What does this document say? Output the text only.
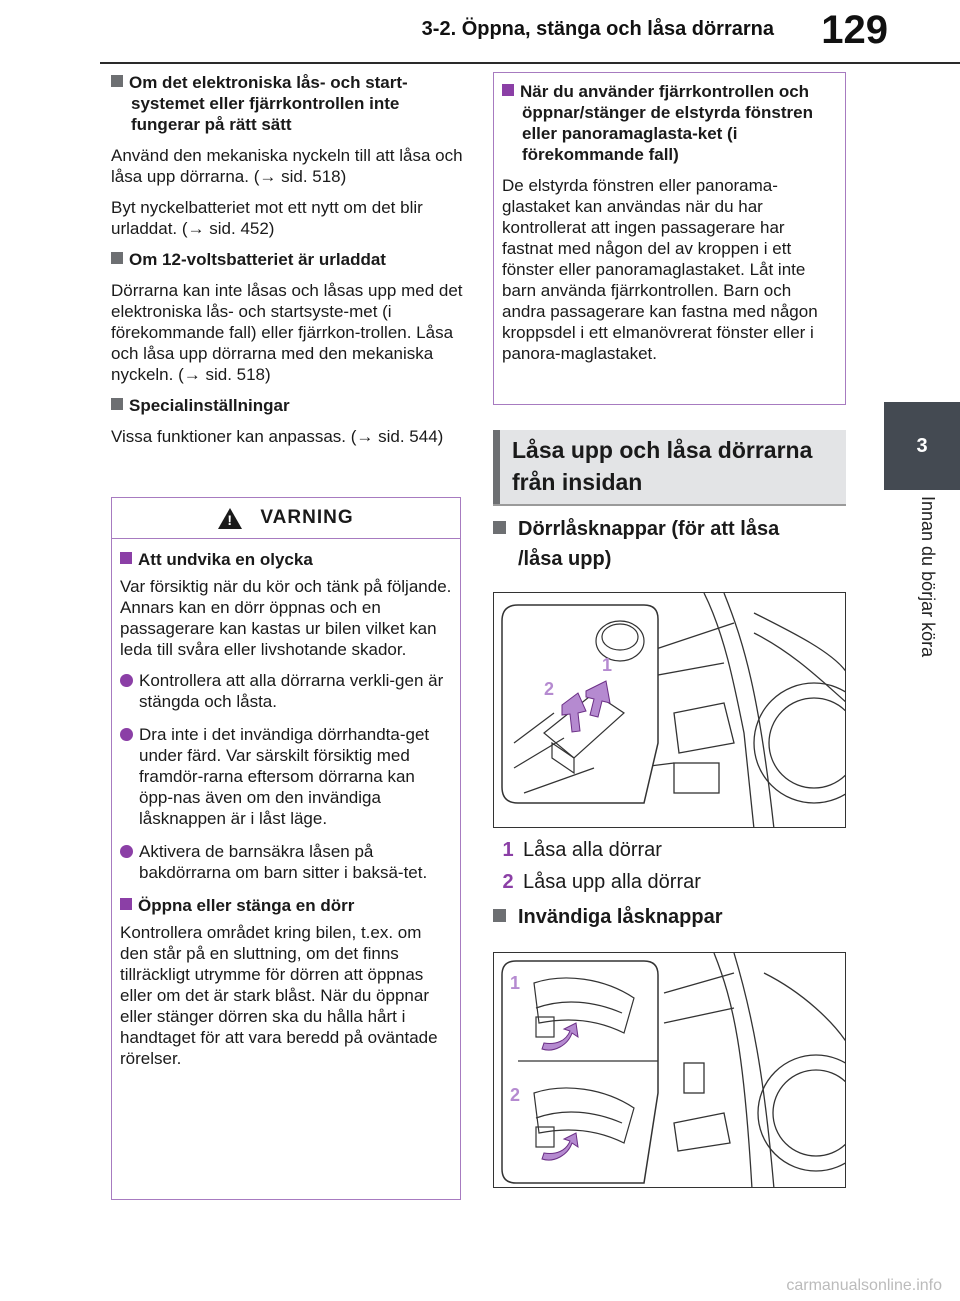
3-2. Öppna, stänga och låsa dörrarna 129
3
Innan du börjar köra
Om det elektroniska lås- och start-systemet eller fjärrkontrollen inte fungerar på rätt sätt
Använd den mekaniska nyckeln till att låsa och låsa upp dörrarna. (→ sid. 518)
Byt nyckelbatteriet mot ett nytt om det blir urladdat. (→ sid. 452)
Om 12-voltsbatteriet är urladdat
Dörrarna kan inte låsas och låsas upp med det elektroniska lås- och startsyste-met (i förekommande fall) eller fjärrkon-trollen. Låsa och låsa upp dörrarna med den mekaniska nyckeln. (→ sid. 518)
Specialinställningar
Vissa funktioner kan anpassas. (→ sid. 544)
!
VARNING
Att undvika en olycka
Var försiktig när du kör och tänk på följande. Annars kan en dörr öppnas och en passagerare kan kastas ur bilen vilket kan leda till svåra eller livshotande skador.
Kontrollera att alla dörrarna verkli-gen är stängda och låsta.
Dra inte i det invändiga dörrhandta-get under färd. Var särskilt försiktig med framdör-rarna eftersom dörrarna kan öpp-nas även om den invändiga låsknappen är i låst läge.
Aktivera de barnsäkra låsen på bakdörrarna om barn sitter i baksä-tet.
Öppna eller stänga en dörr
Kontrollera området kring bilen, t.ex. om den står på en sluttning, om det finns tillräckligt utrymme för dörren att öppnas eller om det är stark blåst. När du öppnar eller stänger dörren ska du hålla hårt i handtaget för att vara beredd på oväntade rörelser.
När du använder fjärrkontrollen och öppnar/stänger de elstyrda fönstren eller panoramaglasta-ket (i förekommande fall)
De elstyrda fönstren eller panorama-glastaket kan användas när du har kontrollerat att ingen passagerare har fastnat med någon del av kroppen i ett fönster eller panoramaglastaket. Låt inte barn använda fjärrkontrollen. Barn och andra passagerare kan fastna med någon kroppsdel i ett elmanövrerat fönster eller i panora-maglastaket.
Låsa upp och låsa dörrarna
från insidan
Dörrlåsknappar (för att låsa
/låsa upp)
1
2
1 Låsa alla dörrar
2 Låsa upp alla dörrar
Invändiga låsknappar
1
2
carmanualsonline.info
